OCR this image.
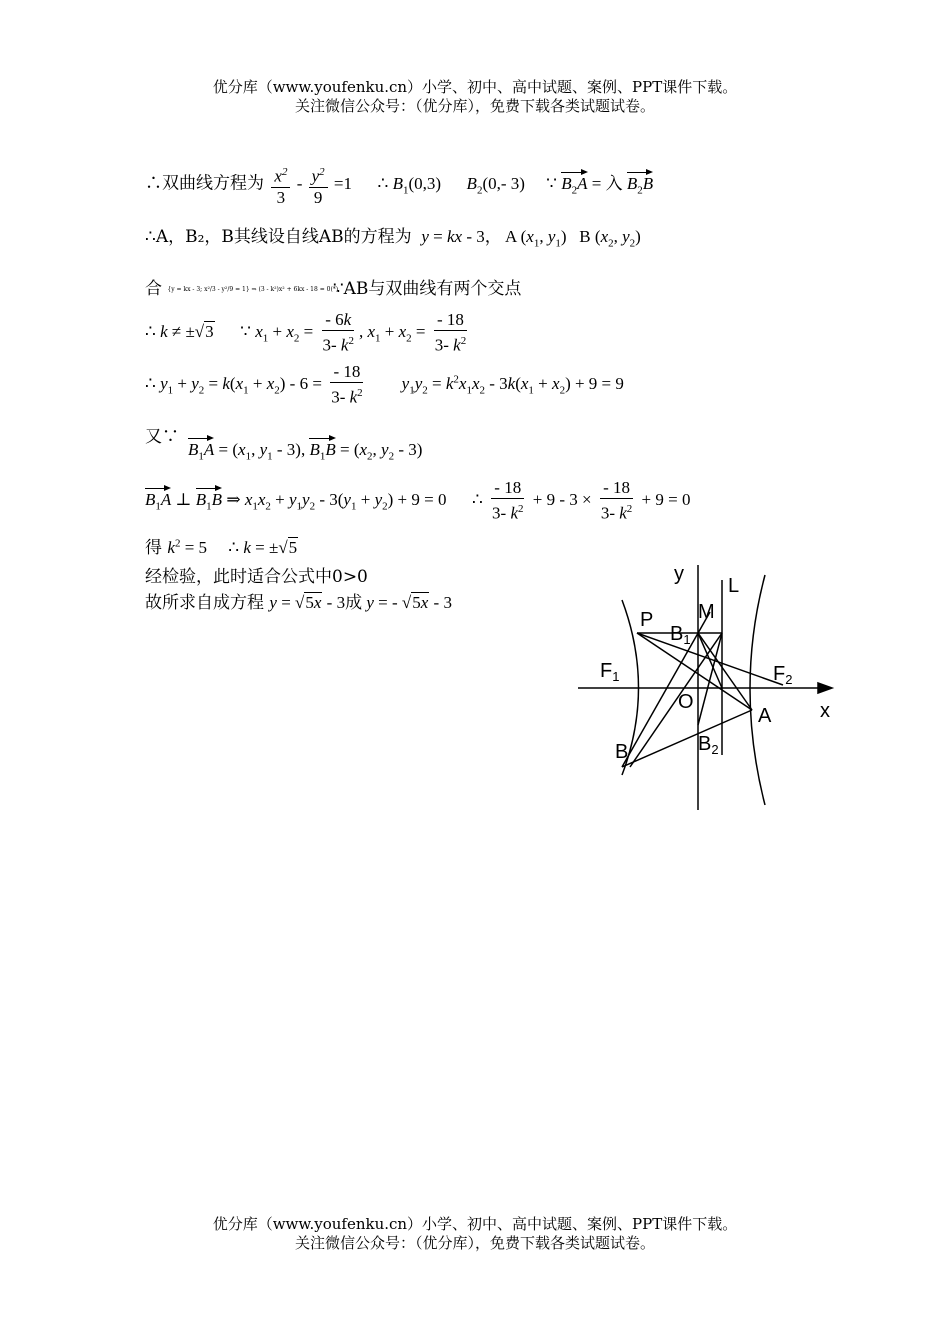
优分库（www.youfenku.cn）小学、初中、高中试题、案例、PPT课件下载。
关注微信公众号：（优分库），免费下载各类试题试卷。
∴双曲线方程为 $\frac{x^2}{3} - \frac{y^2}{9} =1$      ∴ $B_1(0,3)$      $B_2(0,-$ 3)     ∵ $B_2A$ = 入 $B_2B$
∴A，B₂，B其线设自线AB的方程为 y = kx - 3， A ($x_1$, $y_1$)   B ($x_2$, $y_2$)
合 {y = kx - 3; x²/3 - y²/9 = 1} ⇒ (3 - k²)x² + 6kx - 18 = 0(*) ∵AB与双曲线有两个交点
∴ k ≠ ±√3      ∵ $x_1 + x_2 = \frac{- 6k}{3- k^2}$ , $x_1 + x_2 = \frac{- 18}{3- k^2}$
∴ $y_1 + y_2 = k(x_1 + x_2) - 6 = \frac{- 18}{3- k^2} y_1y_2 = k^2x_1x_2 - 3k(x_1 + x_2) + 9 = 9$
又∵
$B_1A = (x_1$, $y_1 - 3$), $B_1B = (x_2$, $y_2 - 3$)
$B_1A$ ⊥ $B_1B$ ⇒ $x_1x_2 + y_1y_2 - 3(y_1 + y_2) + 9 = 0$      ∴ $\frac{- 18}{3- k^2} + 9 - 3 \times \frac{- 18}{3- k^2} + 9 = 0$
得 $k^2 = 5$     ∴ k = ±√5
经检验，此时适合公式中0>0
故所求自成方程 y = √5x - 3成 y = - √5x - 3
y
x
L
M
P
$B_1$
$F_1$	$F_2$
O
A
B	$B_2$
优分库（www.youfenku.cn）小学、初中、高中试题、案例、PPT课件下载。
关注微信公众号：（优分库），免费下载各类试题试卷。
